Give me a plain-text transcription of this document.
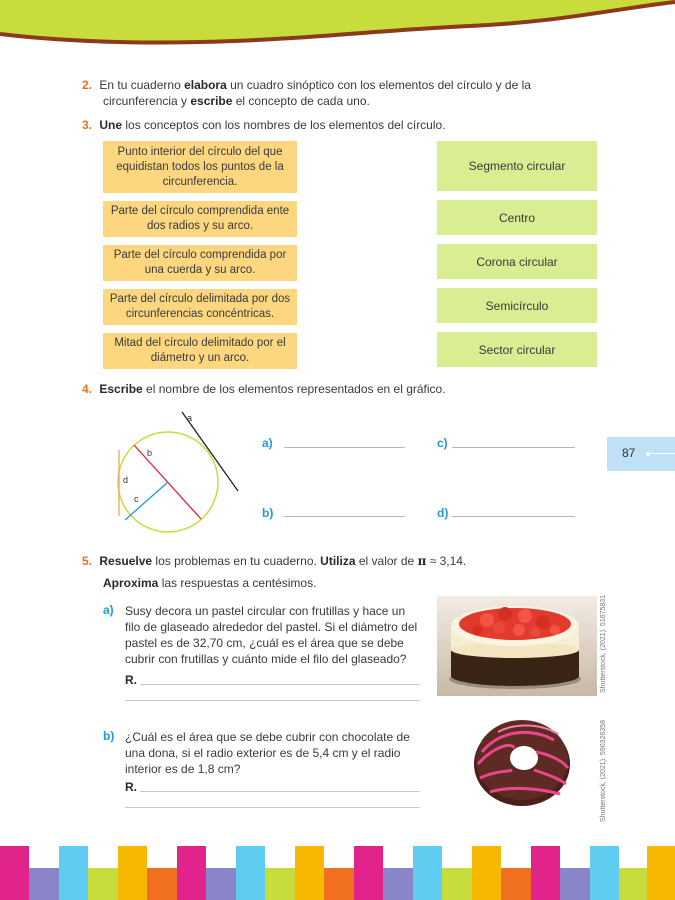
87
2. En tu cuaderno elabora un cuadro sinóptico con los elementos del círculo y de la
circunferencia y escribe el concepto de cada uno.
3. Une los conceptos con los nombres de los elementos del círculo.
Punto interior del círculo del que equidistan todos los puntos de la circunferencia.
Parte del círculo comprendida ente dos radios y su arco.
Parte del círculo comprendida por una cuerda y su arco.
Parte del círculo delimitada por dos circunferencias concéntricas.
Mitad del círculo delimitado por el diámetro y un arco.
Segmento circular
Centro
Corona circular
Semicírculo
Sector circular
4. Escribe el nombre de los elementos representados en el gráfico.
a
b
c
d
a)	c)
b)	d)
5. Resuelve los problemas en tu cuaderno. Utiliza el valor de π ≈ 3,14.
Aproxima las respuestas a centésimos.
a) Susy decora un pastel circular con frutillas y hace un filo de glaseado alrededor del pastel. Si el diámetro del pastel es de 32,70 cm, ¿cuál es el área que se debe cubrir con frutillas y cuánto mide el filo del glaseado?
R.	Shutterstock, (2021). 51675831
b) ¿Cuál es el área que se debe cubrir con chocolate de una dona, si el radio exterior es de 5,4 cm y el radio interior es de 1,8 cm?
R.	Shutterstock, (2021). 590326358
